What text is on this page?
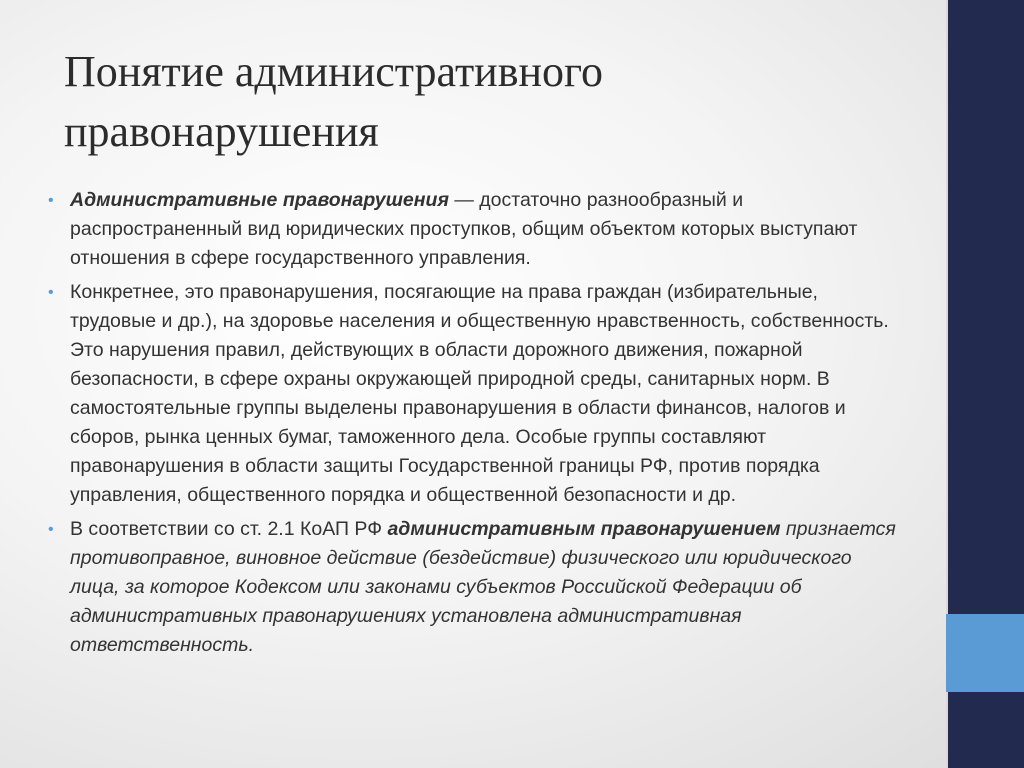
Понятие административного правонарушения
• Административные правонарушения — достаточно разнообразный и распространенный вид юридических проступков, общим объектом которых выступают отношения в сфере государственного управления.
• Конкретнее, это правонарушения, посягающие на права граждан (избирательные, трудовые и др.), на здоровье населения и общественную нравственность, собственность. Это нарушения правил, действующих в области дорожного движения, пожарной безопасности, в сфере охраны окружающей природной среды, санитарных норм. В самостоятельные группы выделены правонарушения в области финансов, налогов и сборов, рынка ценных бумаг, таможенного дела. Особые группы составляют правонарушения в области защиты Государственной границы РФ, против порядка управления, общественного порядка и общественной безопасности и др.
• В соответствии со ст. 2.1 КоАП РФ административным правонарушением признается противоправное, виновное действие (бездействие) физического или юридического лица, за которое Кодексом или законами субъектов Российской Федерации об административных правонарушениях установлена административная ответственность.
